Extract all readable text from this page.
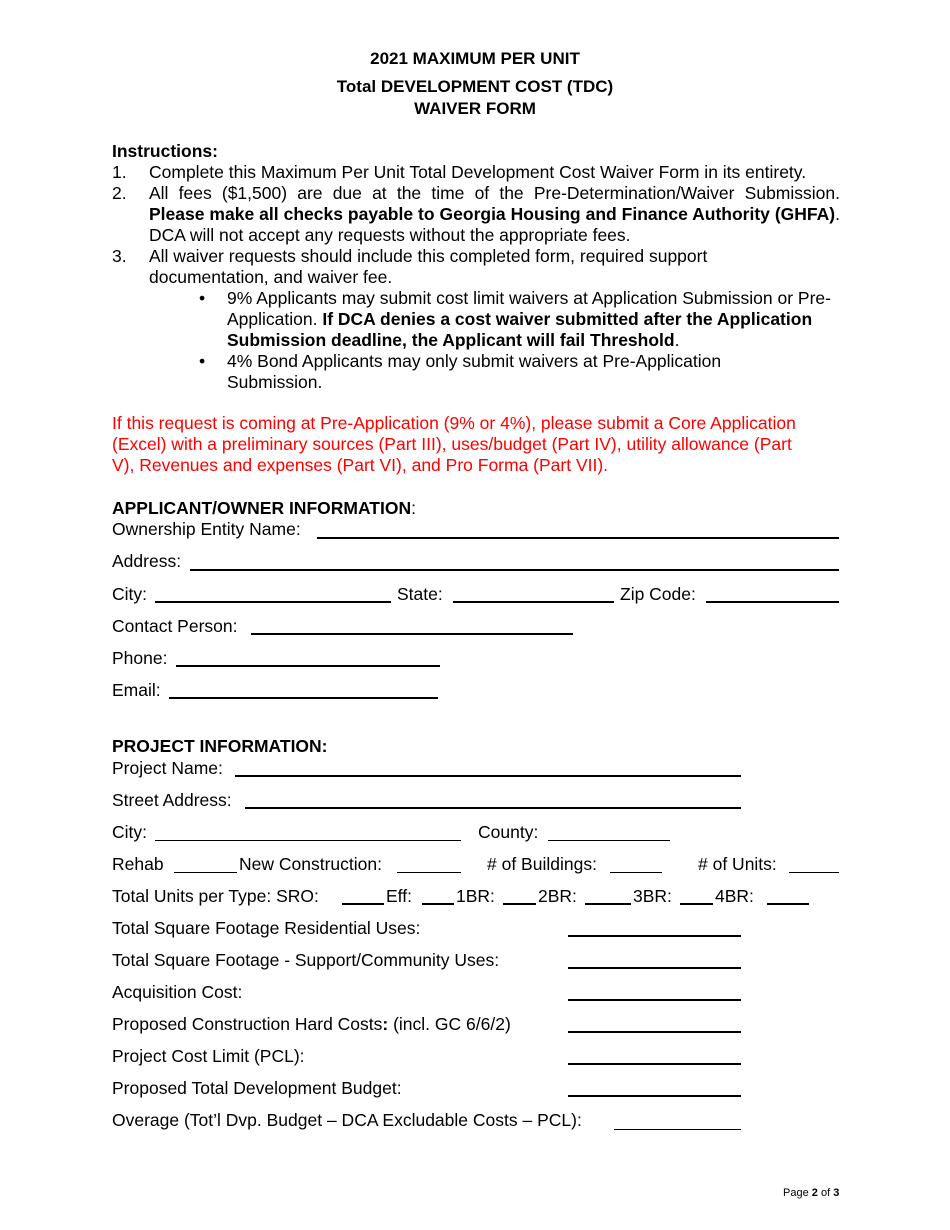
2021 MAXIMUM PER UNIT
Total DEVELOPMENT COST (TDC)
WAIVER FORM
Instructions:
1. Complete this Maximum Per Unit Total Development Cost Waiver Form in its entirety.
2. All fees ($1,500) are due at the time of the Pre-Determination/Waiver Submission. Please make all checks payable to Georgia Housing and Finance Authority (GHFA). DCA will not accept any requests without the appropriate fees.
3. All waiver requests should include this completed form, required support documentation, and waiver fee.
• 9% Applicants may submit cost limit waivers at Application Submission or Pre-Application. If DCA denies a cost waiver submitted after the Application Submission deadline, the Applicant will fail Threshold.
• 4% Bond Applicants may only submit waivers at Pre-Application Submission.
If this request is coming at Pre-Application (9% or 4%), please submit a Core Application (Excel) with a preliminary sources (Part III), uses/budget (Part IV), utility allowance (Part V), Revenues and expenses (Part VI), and Pro Forma (Part VII).
APPLICANT/OWNER INFORMATION:
Ownership Entity Name:
Address:
City:	State:	Zip Code:
Contact Person:
Phone:
Email:
PROJECT INFORMATION:
Project Name:
Street Address:
City:	County:
Rehab	New Construction:	# of Buildings:	# of Units:
Total Units per Type: SRO:	Eff:	1BR: 2BR:	3BR: 4BR:
Total Square Footage Residential Uses:
Total Square Footage - Support/Community Uses:
Acquisition Cost:
Proposed Construction Hard Costs: (incl. GC 6/6/2)
Project Cost Limit (PCL):
Proposed Total Development Budget:
Overage (Tot’l Dvp. Budget – DCA Excludable Costs – PCL):
Page 2 of 3
